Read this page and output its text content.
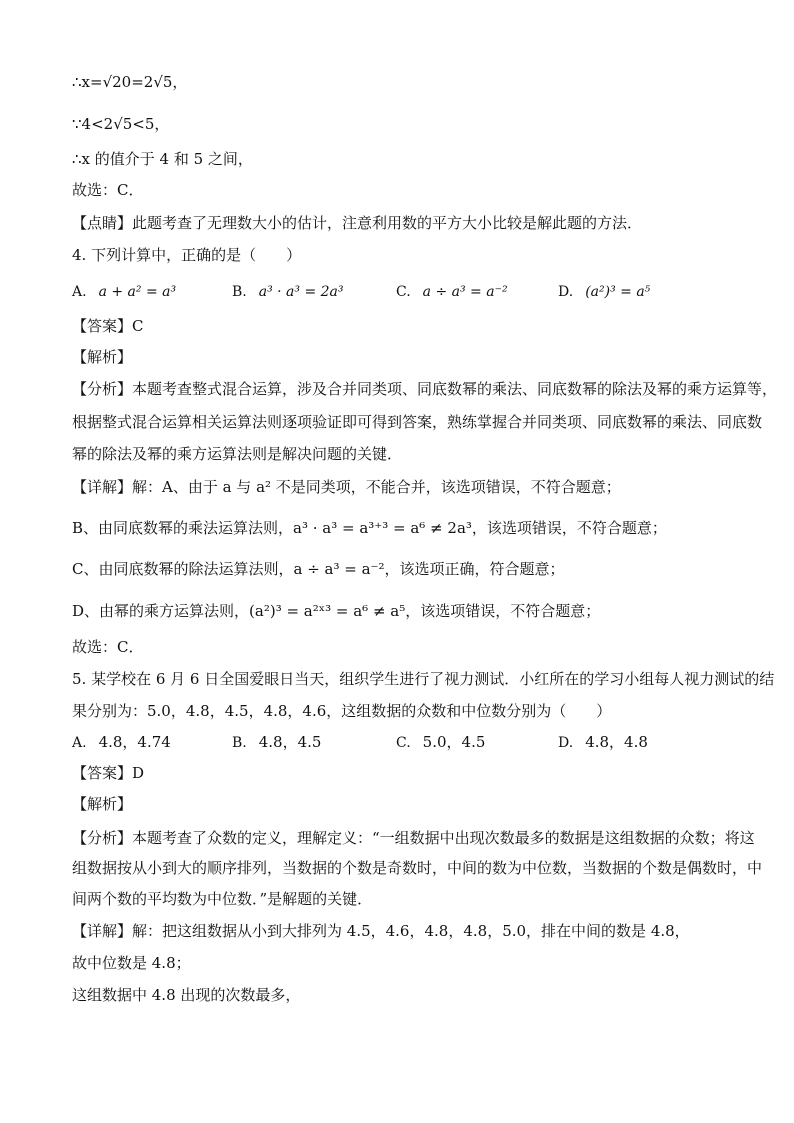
∴x=√20=2√5，
∵4<2√5<5，
∴x 的值介于 4 和 5 之间，
故选：C．
【点睛】此题考查了无理数大小的估计，注意利用数的平方大小比较是解此题的方法．
4. 下列计算中，正确的是（　　）
A. a + a² = a³	B. a³ · a³ = 2a³	C. a ÷ a³ = a⁻²	D. (a²)³ = a⁵
【答案】C
【解析】
【分析】本题考查整式混合运算，涉及合并同类项、同底数幂的乘法、同底数幂的除法及幂的乘方运算等，
根据整式混合运算相关运算法则逐项验证即可得到答案，熟练掌握合并同类项、同底数幂的乘法、同底数
幂的除法及幂的乘方运算法则是解决问题的关键．
【详解】解：A、由于 a 与 a² 不是同类项，不能合并，该选项错误，不符合题意；
B、由同底数幂的乘法运算法则，a³ · a³ = a³⁺³ = a⁶ ≠ 2a³，该选项错误，不符合题意；
C、由同底数幂的除法运算法则，a ÷ a³ = a⁻²，该选项正确，符合题意；
D、由幂的乘方运算法则，(a²)³ = a²ˣ³ = a⁶ ≠ a⁵，该选项错误，不符合题意；
故选：C．
5. 某学校在 6 月 6 日全国爱眼日当天，组织学生进行了视力测试．小红所在的学习小组每人视力测试的结
果分别为：5.0，4.8，4.5，4.8，4.6，这组数据的众数和中位数分别为（　　）
A. 4.8，4.74	B. 4.8，4.5	C. 5.0，4.5	D. 4.8，4.8
【答案】D
【解析】
【分析】本题考查了众数的定义，理解定义：“一组数据中出现次数最多的数据是这组数据的众数；将这
组数据按从小到大的顺序排列，当数据的个数是奇数时，中间的数为中位数，当数据的个数是偶数时，中
间两个数的平均数为中位数．”是解题的关键．
【详解】解：把这组数据从小到大排列为 4.5，4.6，4.8，4.8，5.0，排在中间的数是 4.8，
故中位数是 4.8；
这组数据中 4.8 出现的次数最多，
